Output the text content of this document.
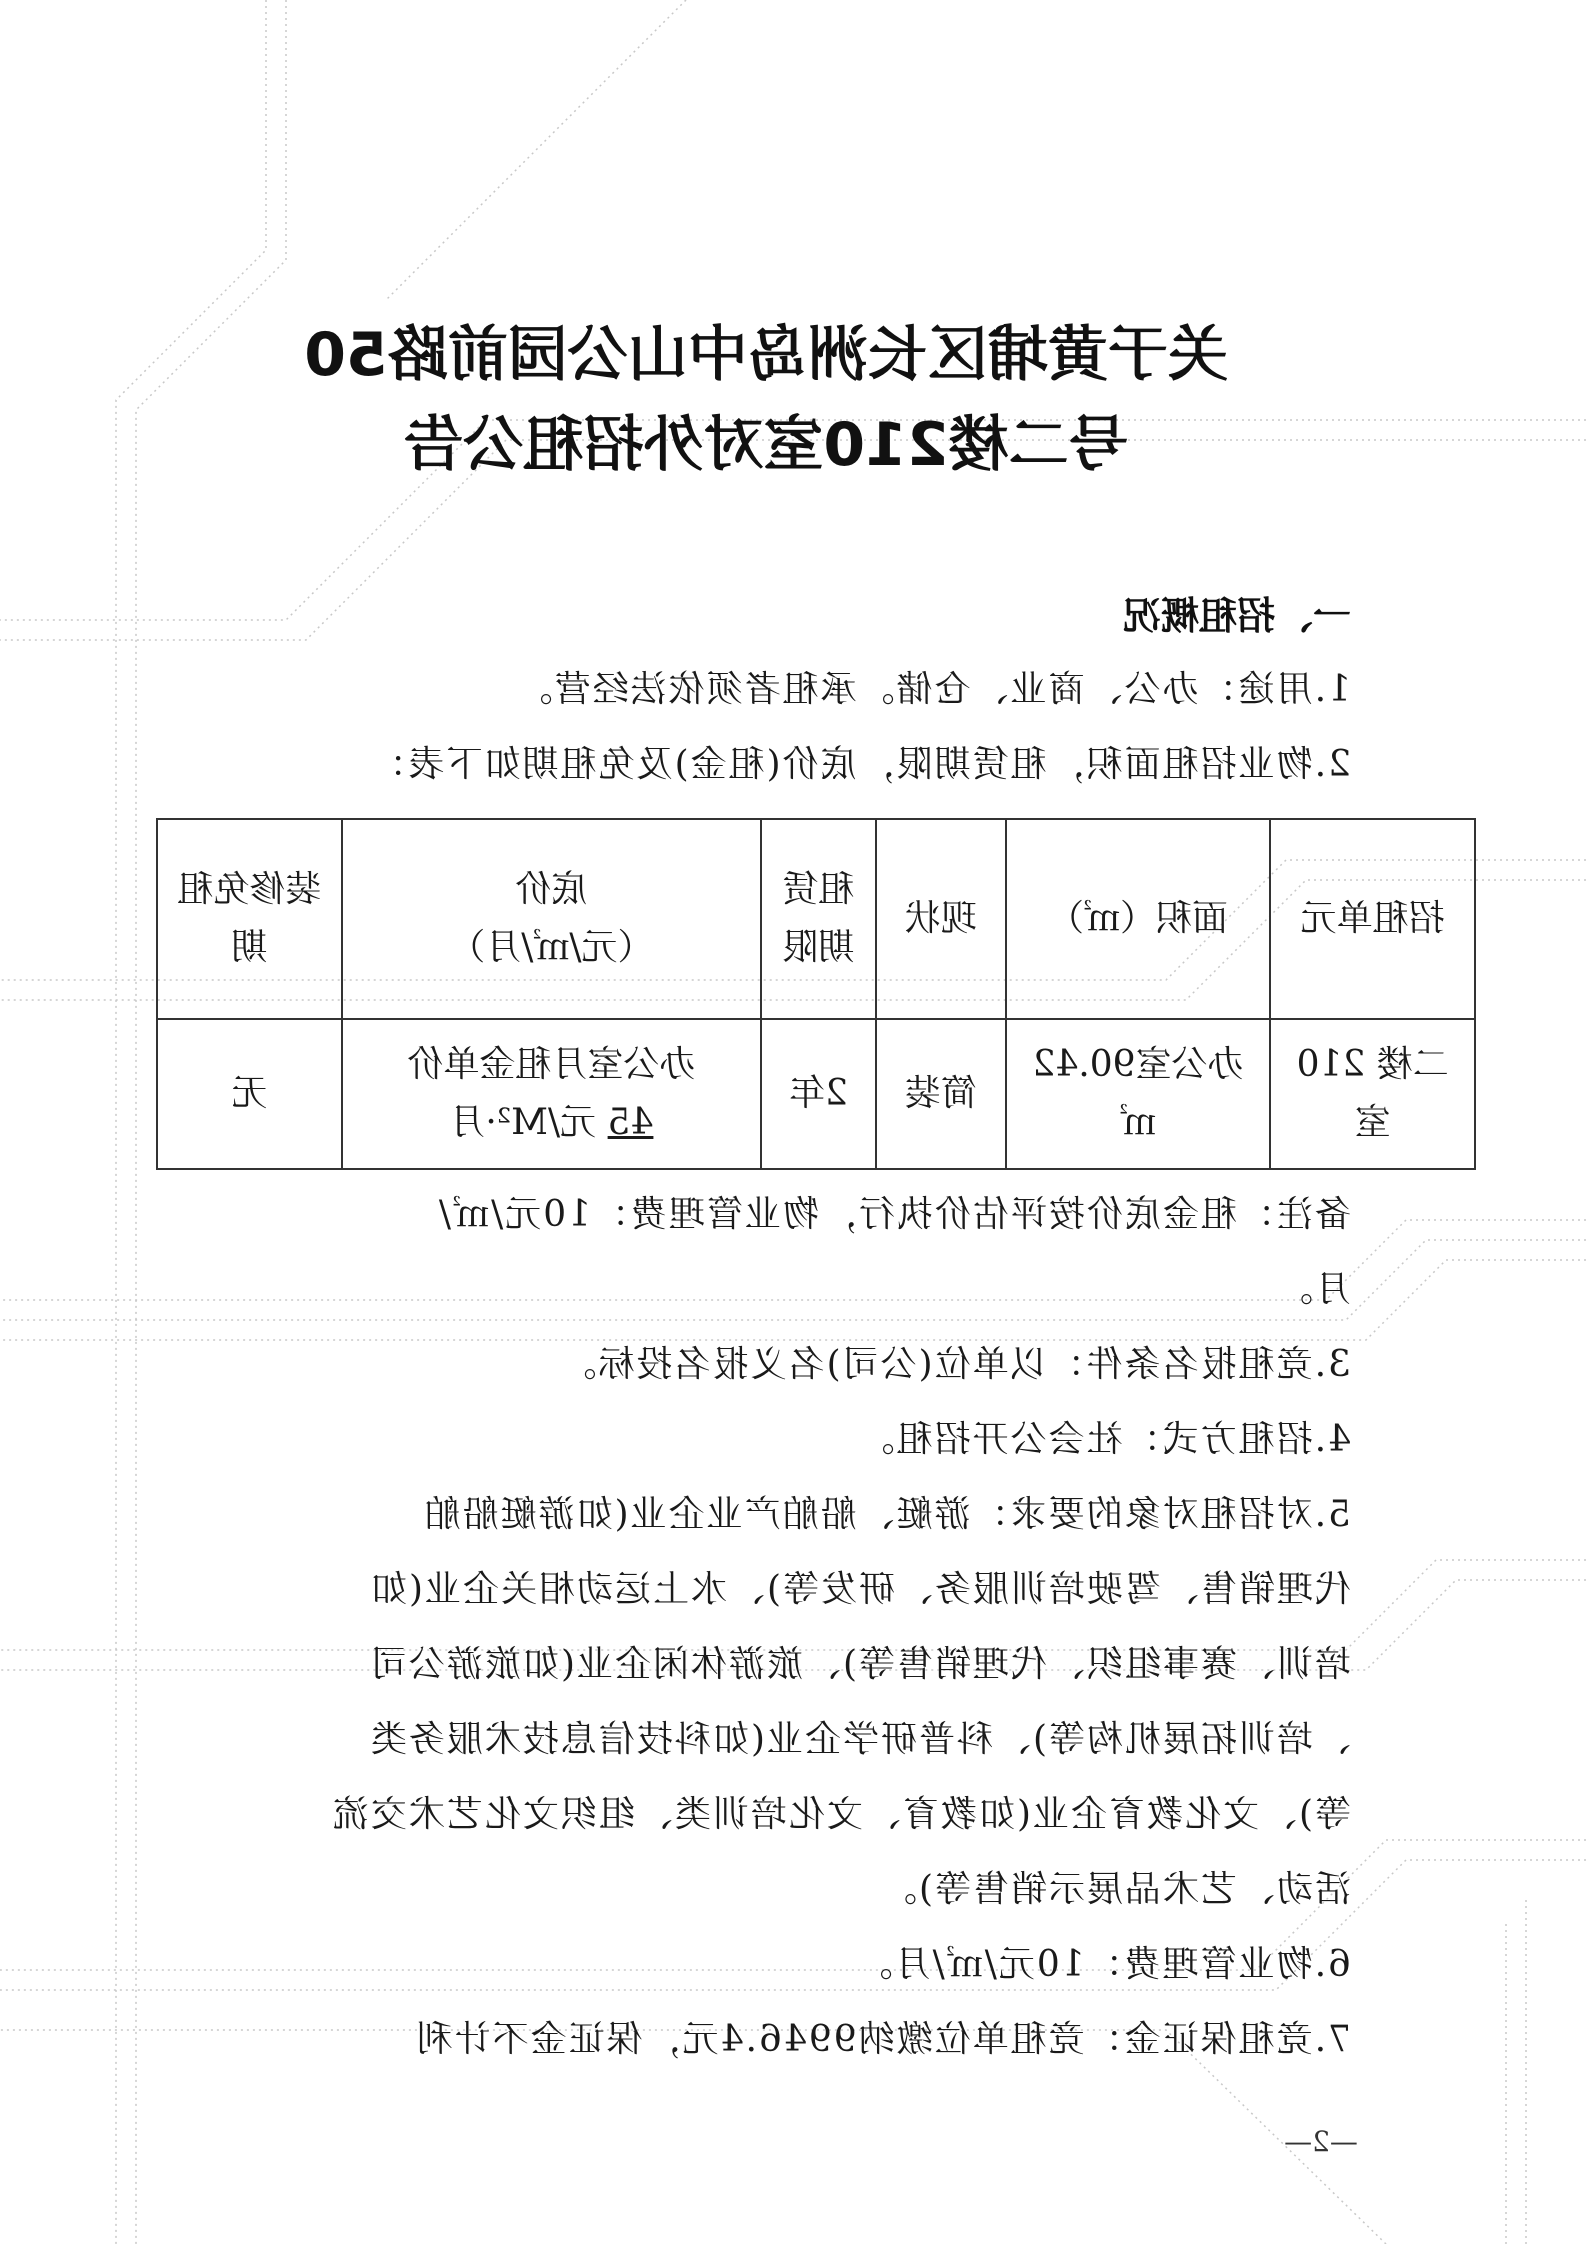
关于黄埔区长洲岛中山公园前路50
号二楼210室对外招租公告
一、招租概况
1.用途：办公、商业、仓储。承租者须依法经营。
2.物业招租面积，租赁期限，底价(租金)及免租期如下表：
招租单元	面积（㎡）	现状	租赁期限	底价
（元/㎡/月）	装修免租期
二楼 210室	办公室90.42㎡	简装	2年	办公室月租金单价
45 元/M²·月	无
备注：租金底价按评估价执行，物业管理费：10元/㎡/
月。
3.竞租报名条件：以单位(公司)名义报名投标。
4.招租方式：社会公开招租。
5.对招租对象的要求：游艇、船舶产业企业(如游艇船舶
代理销售、驾驶培训服务、研发等)、水上运动相关企业(如
培训、赛事组织、代理销售等)、旅游休闲企业(如旅游公司
、培训拓展机构等)、科普研学企业(如科技信息技术服务类
等)、文化教育企业(如教育、文化培训类、组织文化艺术交流
活动、艺术品展示销售等)。
6.物业管理费：10元/㎡/月。
7.竞租保证金：竞租单位缴纳9946.4元，保证金不计利
—2—
